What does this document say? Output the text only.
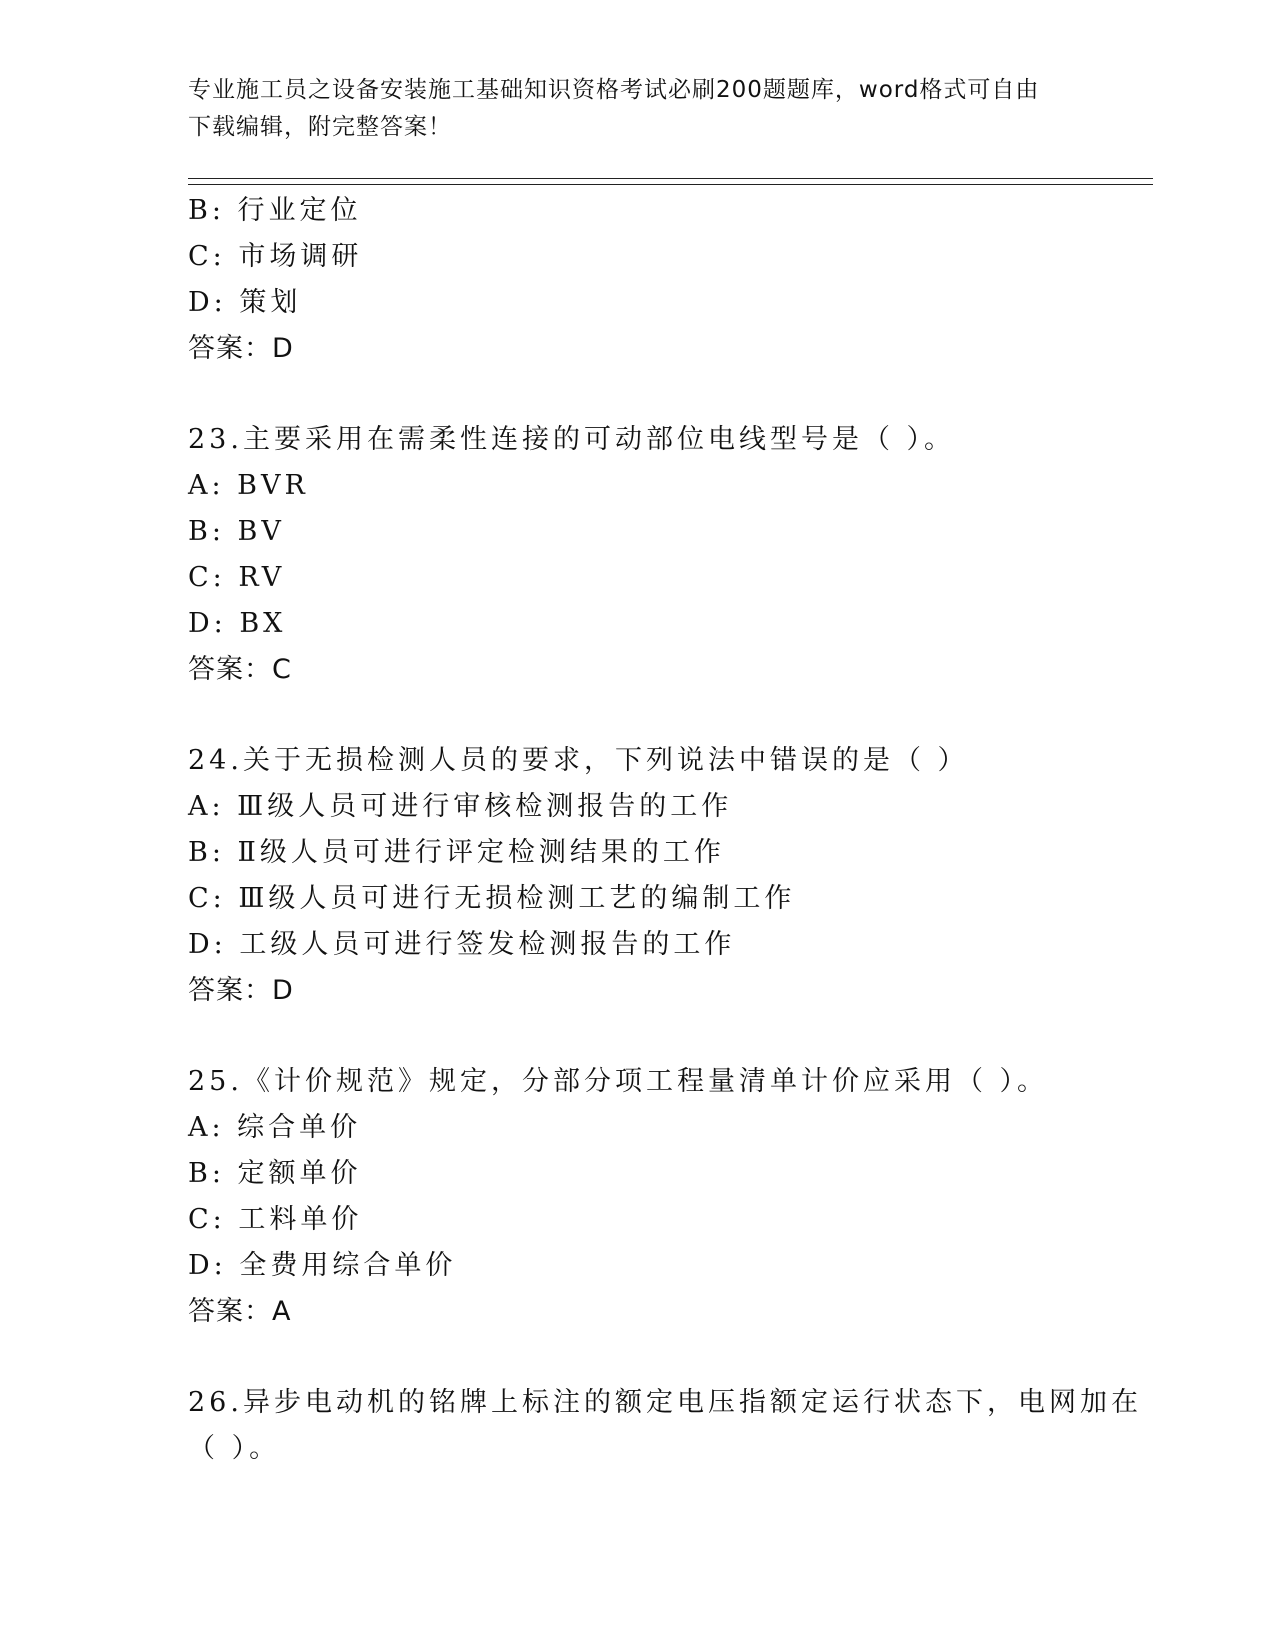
专业施工员之设备安装施工基础知识资格考试必刷200题题库，word格式可自由
下载编辑，附完整答案！
B: 行业定位
C: 市场调研
D: 策划
答案：D
23.主要采用在需柔性连接的可动部位电线型号是（ ）。
A: BVR
B: BV
C: RV
D: BX
答案：C
24.关于无损检测人员的要求，下列说法中错误的是（ ）
A: Ⅲ级人员可进行审核检测报告的工作
B: Ⅱ级人员可进行评定检测结果的工作
C: Ⅲ级人员可进行无损检测工艺的编制工作
D: 工级人员可进行签发检测报告的工作
答案：D
25.《计价规范》规定，分部分项工程量清单计价应采用（ ）。
A: 综合单价
B: 定额单价
C: 工料单价
D: 全费用综合单价
答案：A
26.异步电动机的铭牌上标注的额定电压指额定运行状态下，电网加在
（ ）。
